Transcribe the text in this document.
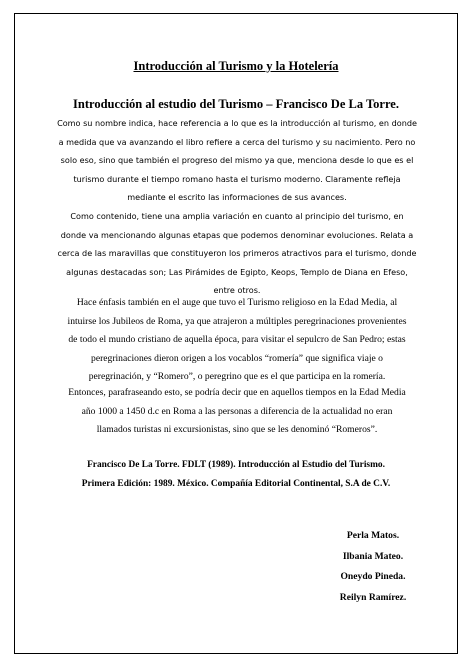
Introducción al Turismo y la Hotelería
Introducción al estudio del Turismo – Francisco De La Torre.
Como su nombre indica, hace referencia a lo que es la introducción al turismo, en donde
a medida que va avanzando el libro refiere a cerca del turismo y su nacimiento. Pero no
solo eso, sino que también el progreso del mismo ya que, menciona desde lo que es el
turismo durante el tiempo romano hasta el turismo moderno. Claramente refleja
mediante el escrito las informaciones de sus avances.
Como contenido, tiene una amplia variación en cuanto al principio del turismo, en
donde va mencionando algunas etapas que podemos denominar evoluciones. Relata a
cerca de las maravillas que constituyeron los primeros atractivos para el turismo, donde
algunas destacadas son; Las Pirámides de Egipto, Keops, Templo de Diana en Efeso,
entre otros.
Hace énfasis también en el auge que tuvo el Turismo religioso en la Edad Media, al
intuirse los Jubileos de Roma, ya que atrajeron a múltiples peregrinaciones provenientes
de todo el mundo cristiano de aquella época, para visitar el sepulcro de San Pedro; estas
peregrinaciones dieron origen a los vocablos “romería” que significa viaje o
peregrinación, y “Romero”, o peregrino que es el que participa en la romería.
Entonces, parafraseando esto, se podría decir que en aquellos tiempos en la Edad Media
año 1000 a 1450 d.c en Roma a las personas a diferencia de la actualidad no eran
llamados turistas ni excursionistas, sino que se les denominó “Romeros”.
Francisco De La Torre. FDLT (1989). Introducción al Estudio del Turismo.
Primera Edición: 1989. México. Compañía Editorial Continental, S.A de C.V.
Perla Matos.
Ilbania Mateo.
Oneydo Pineda.
Reilyn Ramírez.
